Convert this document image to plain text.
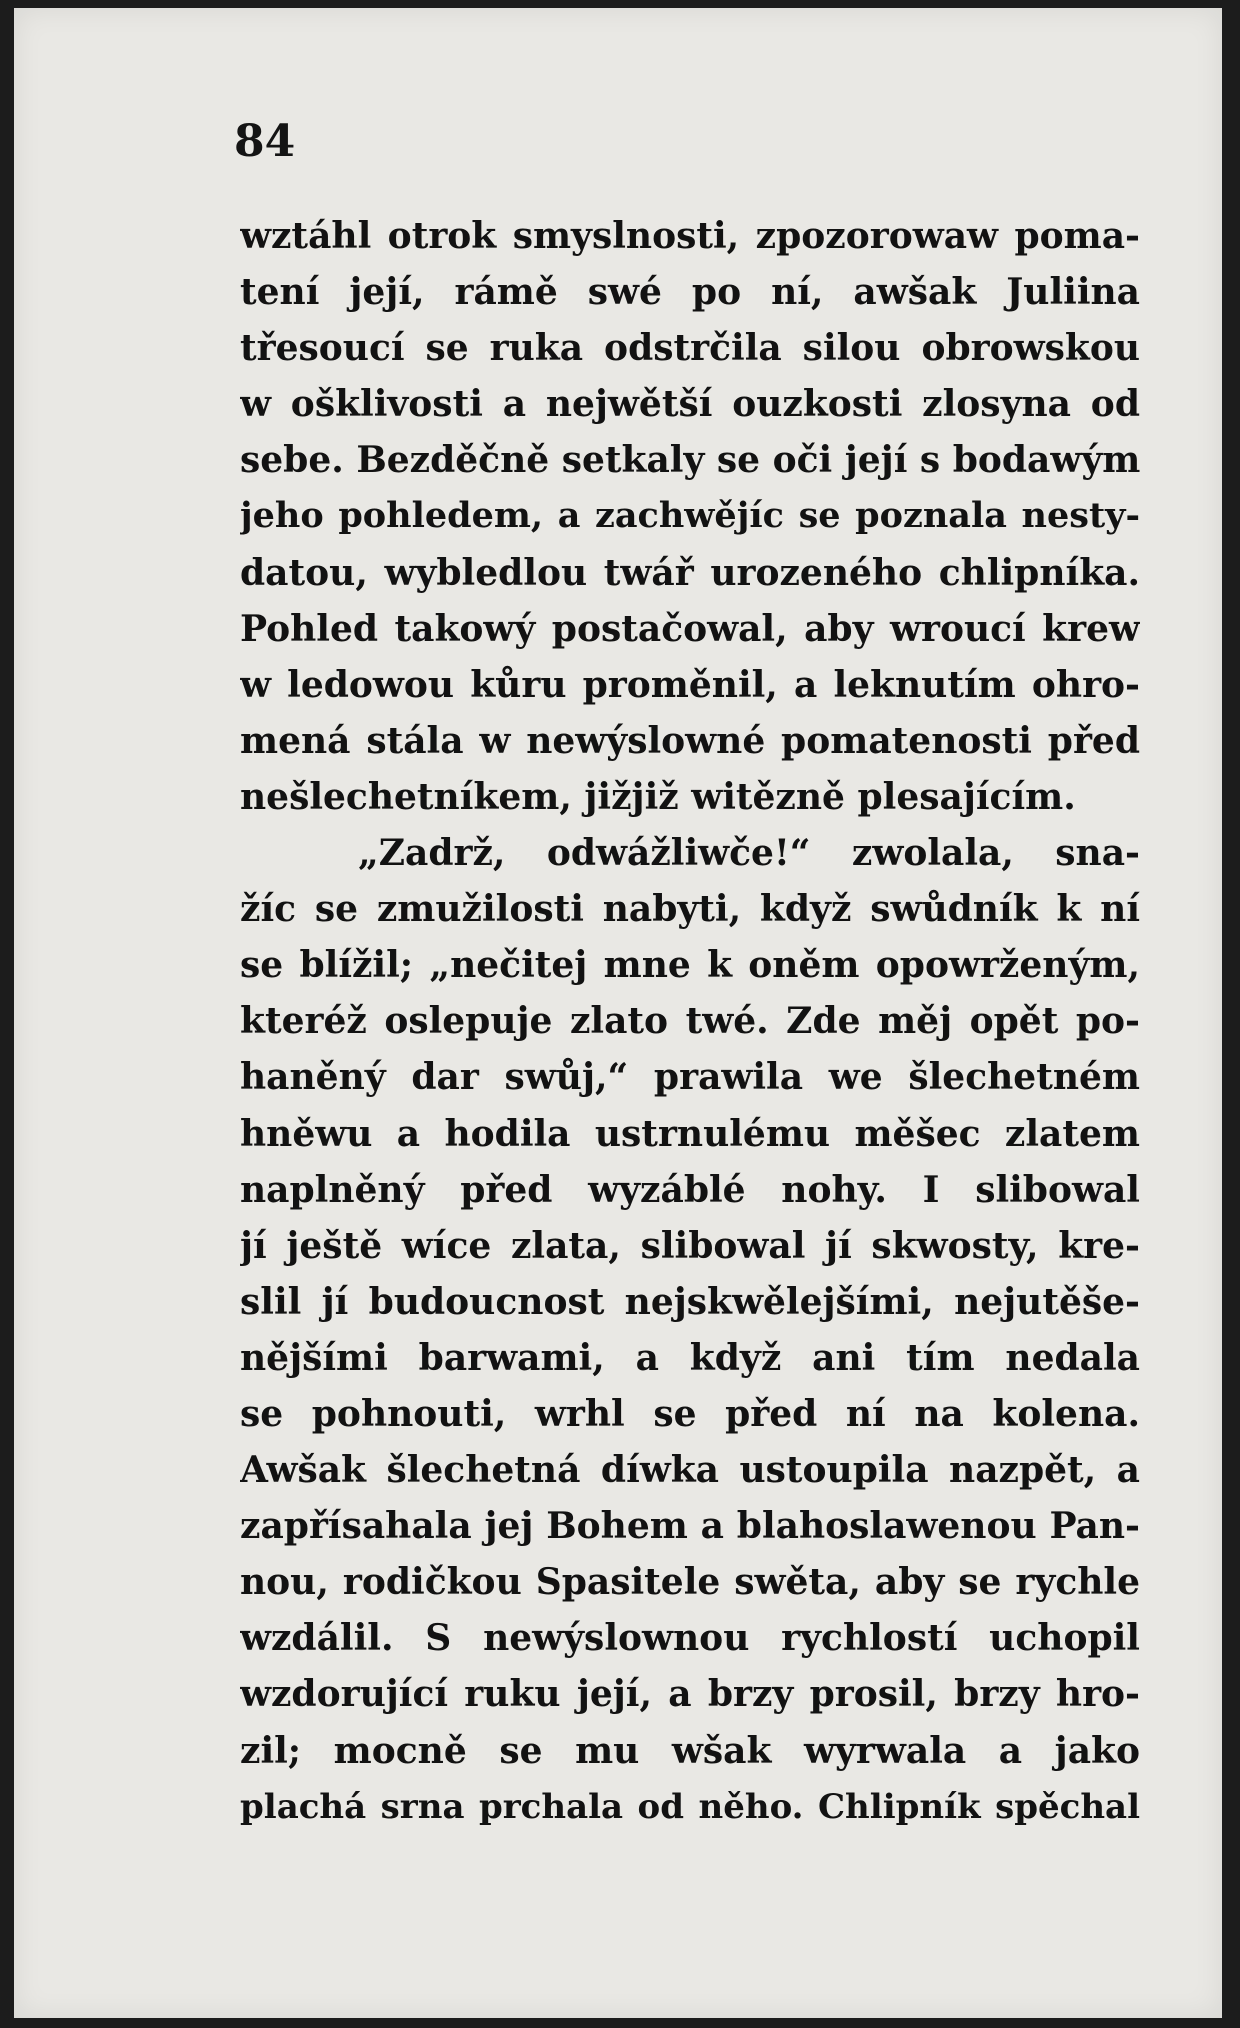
84
wztáhl otrok smyslnosti, zpozorowaw poma-
tení její, rámě swé po ní, awšak Juliina
třesoucí se ruka odstrčila silou obrowskou
w ošklivosti a nejwětší ouzkosti zlosyna od
sebe. Bezděčně setkaly se oči její s bodawým
jeho pohledem, a zachwějíc se poznala nesty-
datou, wybledlou twář urozeného chlipníka.
Pohled takowý postačowal, aby wroucí krew
w ledowou kůru proměnil, a leknutím ohro-
mená stála w newýslowné pomatenosti před
nešlechetníkem, jižjiž witězně plesajícím.
„Zadrž, odwážliwče!“ zwolala, sna-
žíc se zmužilosti nabyti, když swůdník k ní
se blížil; „nečitej mne k oněm opowrženým,
kteréž oslepuje zlato twé. Zde měj opět po-
haněný dar swůj,“ prawila we šlechetném
hněwu a hodila ustrnulému měšec zlatem
naplněný před wyzáblé nohy. I slibowal
jí ještě wíce zlata, slibowal jí skwosty, kre-
slil jí budoucnost nejskwělejšími, nejutěše-
nějšími barwami, a když ani tím nedala
se pohnouti, wrhl se před ní na kolena.
Awšak šlechetná díwka ustoupila nazpět, a
zapřísahala jej Bohem a blahoslawenou Pan-
nou, rodičkou Spasitele swěta, aby se rychle
wzdálil. S newýslownou rychlostí uchopil
wzdorující ruku její, a brzy prosil, brzy hro-
zil; mocně se mu wšak wyrwala a jako
plachá srna prchala od něho. Chlipník spěchal
